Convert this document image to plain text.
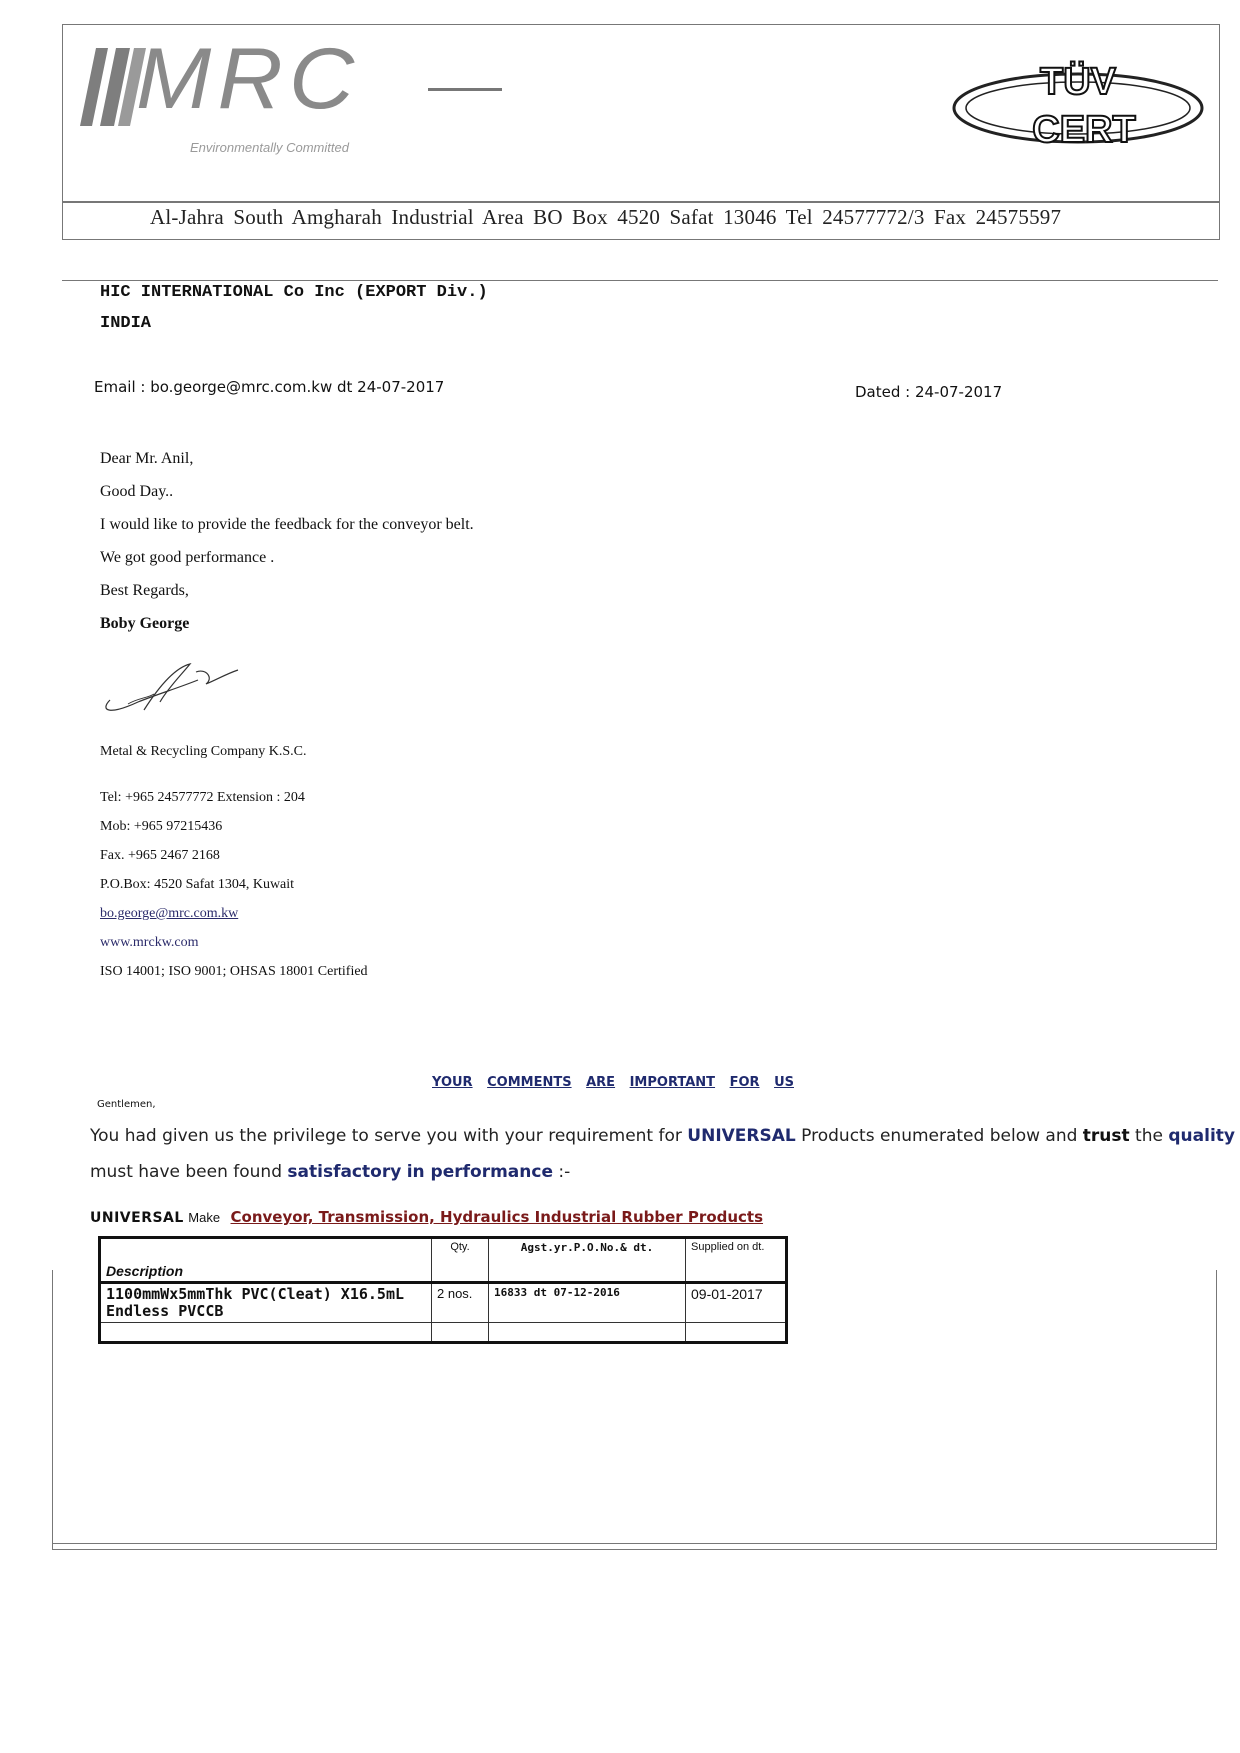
MRC
Environmentally Committed
TÜV
CERT
Al-Jahra South Amgharah Industrial Area BO Box 4520 Safat 13046 Tel 24577772/3 Fax 24575597
HIC INTERNATIONAL Co Inc (EXPORT Div.)
INDIA
Email : bo.george@mrc.com.kw dt 24-07-2017	Dated : 24-07-2017
Dear Mr. Anil,
Good Day..
I would like to provide the feedback for the conveyor belt.
We got good performance .
Best Regards,
Boby George
Metal & Recycling Company K.S.C.
Tel: +965 24577772 Extension : 204
Mob: +965 97215436
Fax. +965 2467 2168
P.O.Box: 4520 Safat 1304, Kuwait
bo.george@mrc.com.kw
www.mrckw.com
ISO 14001; ISO 9001; OHSAS 18001 Certified
YOUR COMMENTS ARE IMPORTANT FOR US
Gentlemen,
You had given us the privilege to serve you with your requirement for UNIVERSAL Products enumerated below and trust the quality
must have been found satisfactory in performance :-
UNIVERSAL Make Conveyor, Transmission, Hydraulics Industrial Rubber Products
Description	Qty.	Agst.yr.P.O.No.& dt.	Supplied on dt.
1100mmWx5mmThk PVC(Cleat) X16.5mL Endless PVCCB	2 nos.	16833 dt 07-12-2016	09-01-2017
